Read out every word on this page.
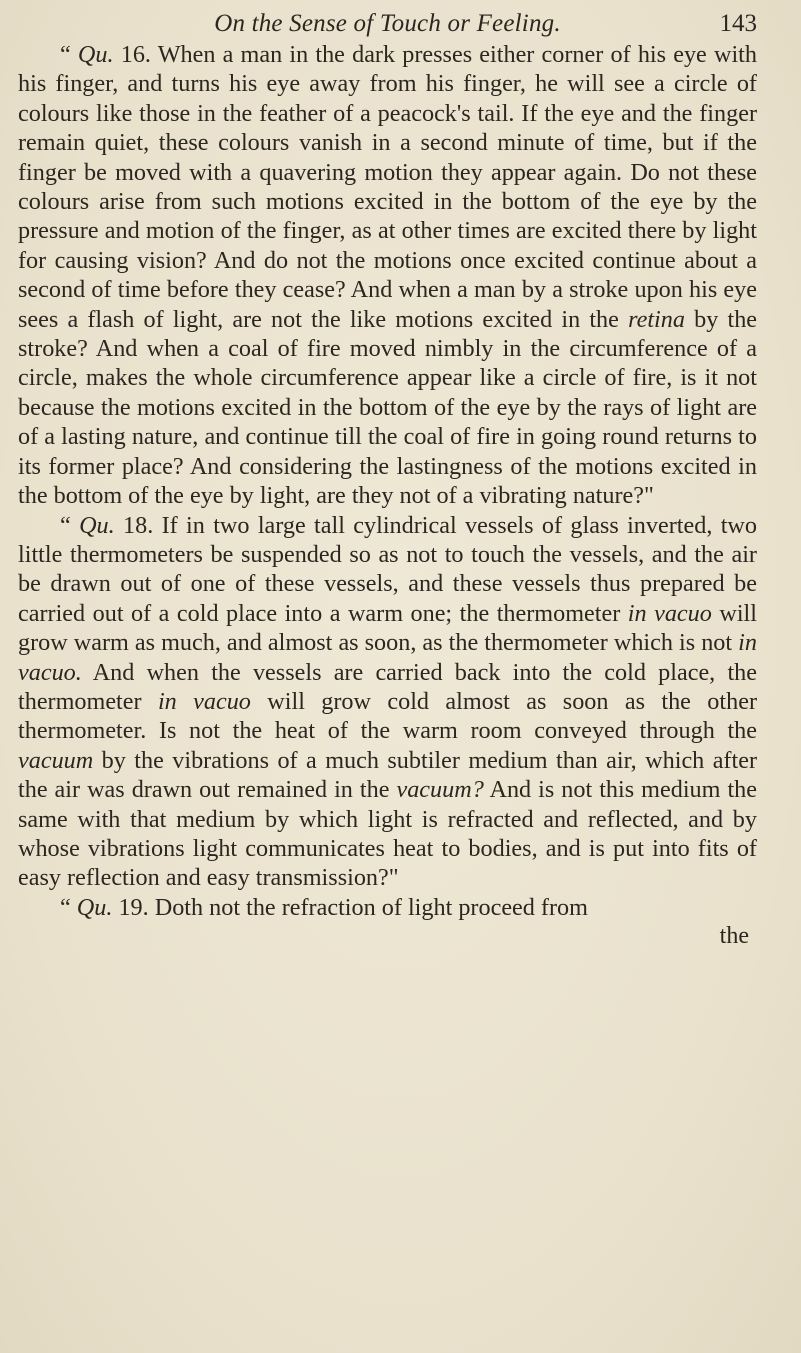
On the Sense of Touch or Feeling.	143

“ Qu. 16. When a man in the dark presses either corner of his eye with his finger, and turns his eye away from his finger, he will see a circle of colours like those in the feather of a peacock's tail. If the eye and the finger remain quiet, these colours vanish in a second minute of time, but if the finger be moved with a quavering motion they appear again. Do not these colours arise from such motions excited in the bottom of the eye by the pressure and motion of the finger, as at other times are excited there by light for causing vision? And do not the motions once excited continue about a second of time before they cease? And when a man by a stroke upon his eye sees a flash of light, are not the like motions excited in the retina by the stroke? And when a coal of fire moved nimbly in the circumference of a circle, makes the whole circumference appear like a circle of fire, is it not because the motions excited in the bottom of the eye by the rays of light are of a lasting nature, and continue till the coal of fire in going round returns to its former place? And considering the lastingness of the motions excited in the bottom of the eye by light, are they not of a vibrating nature?"

“ Qu. 18. If in two large tall cylindrical vessels of glass inverted, two little thermometers be suspended so as not to touch the vessels, and the air be drawn out of one of these vessels, and these vessels thus prepared be carried out of a cold place into a warm one; the thermometer in vacuo will grow warm as much, and almost as soon, as the thermometer which is not in vacuo. And when the vessels are carried back into the cold place, the thermometer in vacuo will grow cold almost as soon as the other thermometer. Is not the heat of the warm room conveyed through the vacuum by the vibrations of a much subtiler medium than air, which after the air was drawn out remained in the vacuum? And is not this medium the same with that medium by which light is refracted and reflected, and by whose vibrations light communicates heat to bodies, and is put into fits of easy reflection and easy transmission?"

“ Qu. 19. Doth not the refraction of light proceed from

the
